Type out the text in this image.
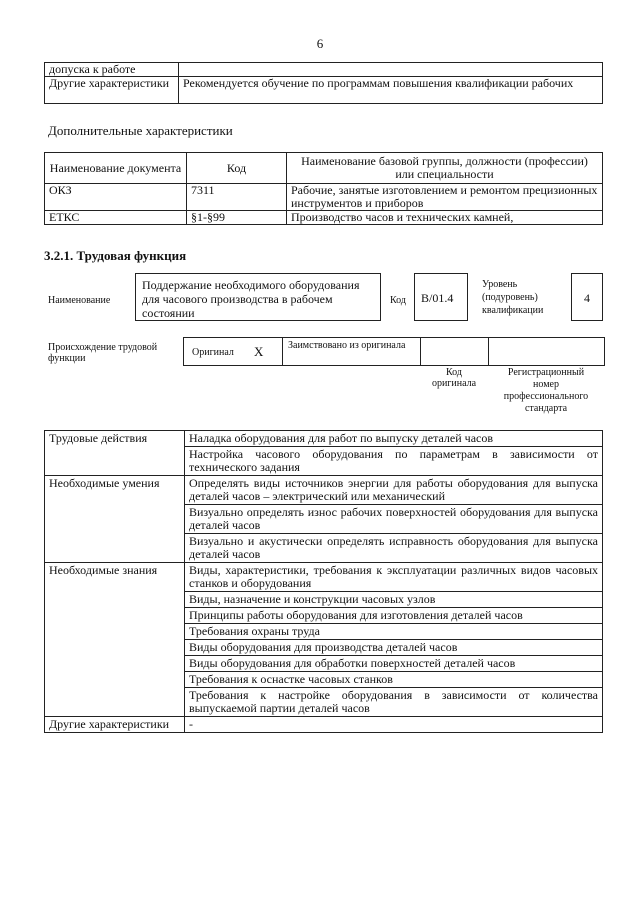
6
допуска к работе	
Другие характеристики	Рекомендуется обучение по программам повышения квалификации рабочих
Дополнительные характеристики
Наименование документа	Код	Наименование базовой группы, должности (профессии) или специальности
ОКЗ	7311	Рабочие, занятые изготовлением и ремонтом прецизионных инструментов и приборов
ЕТКС	§1-§99	Производство часов и технических камней,
3.2.1. Трудовая функция
Наименование
Поддержание необходимого оборудования для часового производства в рабочем состоянии
Код	B/01.4
Уровень (подуровень) квалификации
4
Происхождение трудовой функции
Оригинал X Заимствовано из оригинала
Код оригинала
Регистрационный номер профессионального стандарта
Трудовые действия	Наладка оборудования для работ по выпуску деталей часов
	Настройка часового оборудования по параметрам в зависимости от технического задания
Необходимые умения	Определять виды источников энергии для работы оборудования для выпуска деталей часов – электрический или механический
	Визуально определять износ рабочих поверхностей оборудования для выпуска деталей часов
	Визуально и акустически определять исправность оборудования для выпуска деталей часов
Необходимые знания	Виды, характеристики, требования к эксплуатации различных видов часовых станков и оборудования
	Виды, назначение и конструкции часовых узлов
	Принципы работы оборудования для изготовления деталей часов
	Требования охраны труда
	Виды оборудования для производства деталей часов
	Виды оборудования для обработки поверхностей деталей часов
	Требования к оснастке часовых станков
	Требования к настройке оборудования в зависимости от количества выпускаемой партии деталей часов
Другие характеристики	-
